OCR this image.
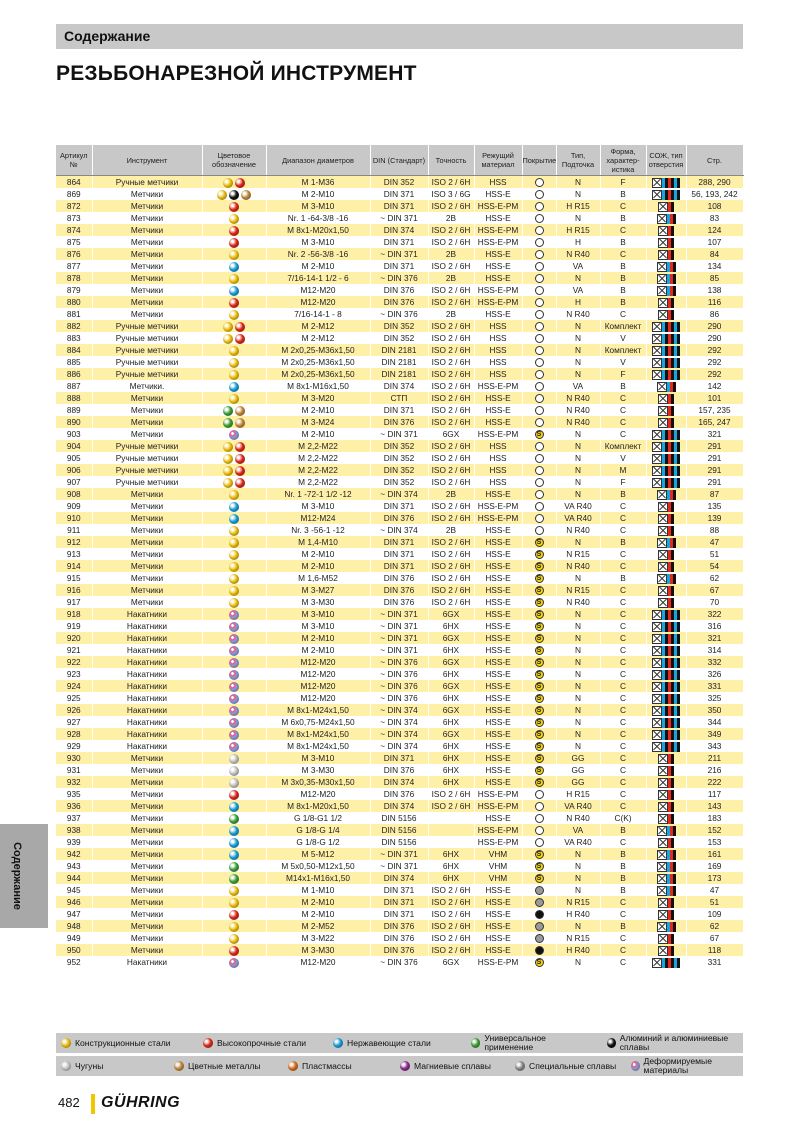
Содержание
РЕЗЬБОНАРЕЗНОЙ ИНСТРУМЕНТ
Содержание
Артикул №	Инструмент	Цветовое обозначение	Диапазон диаметров	DIN (Стандарт)	Точность	Режущий материал	Покрытие	Тип, Подточка	Форма, характер-истика	СОЖ, тип отверстия	Стр.
864	Ручные метчики		M 1-M36	DIN 352	ISO 2 / 6H	HSS		N	F		288, 290
869	Метчики		M 2-M10	DIN 371	ISO 3 / 6G	HSS-E		N	B		56, 193, 242
872	Метчики		M 3-M10	DIN 371	ISO 2 / 6H	HSS-E-PM		H R15	C		108
873	Метчики		Nr. 1 -64-3/8 -16	~ DIN 371	2B	HSS-E		N	B		83
874	Метчики		M 8x1-M20x1,50	DIN 374	ISO 2 / 6H	HSS-E-PM		H R15	C		124
875	Метчики		M 3-M10	DIN 371	ISO 2 / 6H	HSS-E-PM		H	B		107
876	Метчики		Nr. 2 -56-3/8 -16	~ DIN 371	2B	HSS-E		N R40	C		84
877	Метчики		M 2-M10	DIN 371	ISO 2 / 6H	HSS-E		VA	B		134
878	Метчики		7/16-14-1 1/2 - 6	~ DIN 376	2B	HSS-E		N	B		85
879	Метчики		M12-M20	DIN 376	ISO 2 / 6H	HSS-E-PM		VA	B		138
880	Метчики		M12-M20	DIN 376	ISO 2 / 6H	HSS-E-PM		H	B		116
881	Метчики		7/16-14-1 - 8	~ DIN 376	2B	HSS-E		N R40	C		86
882	Ручные метчики		M 2-M12	DIN 352	ISO 2 / 6H	HSS		N	Комплект		290
883	Ручные метчики		M 2-M12	DIN 352	ISO 2 / 6H	HSS		N	V		290
884	Ручные метчики		M 2x0,25-M36x1,50	DIN 2181	ISO 2 / 6H	HSS		N	Комплект		292
885	Ручные метчики		M 2x0,25-M36x1,50	DIN 2181	ISO 2 / 6H	HSS		N	V		292
886	Ручные метчики		M 2x0,25-M36x1,50	DIN 2181	ISO 2 / 6H	HSS		N	F		292
887	Метчики.		M 8x1-M16x1,50	DIN 374	ISO 2 / 6H	HSS-E-PM		VA	B		142
888	Метчики		M 3-M20	СТП	ISO 2 / 6H	HSS-E		N R40	C		101
889	Метчики		M 2-M10	DIN 371	ISO 2 / 6H	HSS-E		N R40	C		157, 235
890	Метчики		M 3-M24	DIN 376	ISO 2 / 6H	HSS-E		N R40	C		165, 247
903	Метчики		M 2-M10	~ DIN 371	6GX	HSS-E-PM	S	N	C		321
904	Ручные метчики		M 2,2-M22	DIN 352	ISO 2 / 6H	HSS		N	Комплект		291
905	Ручные метчики		M 2,2-M22	DIN 352	ISO 2 / 6H	HSS		N	V		291
906	Ручные метчики		M 2,2-M22	DIN 352	ISO 2 / 6H	HSS		N	M		291
907	Ручные метчики		M 2,2-M22	DIN 352	ISO 2 / 6H	HSS		N	F		291
908	Метчики		Nr. 1 -72-1 1/2 -12	~ DIN 374	2B	HSS-E		N	B		87
909	Метчики		M 3-M10	DIN 371	ISO 2 / 6H	HSS-E-PM		VA R40	C		135
910	Метчики		M12-M24	DIN 376	ISO 2 / 6H	HSS-E-PM		VA R40	C		139
911	Метчики		Nr. 3 -56-1 -12	~ DIN 374	2B	HSS-E		N R40	C		88
912	Метчики		M 1,4-M10	DIN 371	ISO 2 / 6H	HSS-E	S	N	B		47
913	Метчики		M 2-M10	DIN 371	ISO 2 / 6H	HSS-E	S	N R15	C		51
914	Метчики		M 2-M10	DIN 371	ISO 2 / 6H	HSS-E	S	N R40	C		54
915	Метчики		M 1,6-M52	DIN 376	ISO 2 / 6H	HSS-E	S	N	B		62
916	Метчики		M 3-M27	DIN 376	ISO 2 / 6H	HSS-E	S	N R15	C		67
917	Метчики		M 3-M30	DIN 376	ISO 2 / 6H	HSS-E	S	N R40	C		70
918	Накатники		M 3-M10	~ DIN 371	6GX	HSS-E	S	N	C		322
919	Накатники		M 3-M10	~ DIN 371	6HX	HSS-E	S	N	C		316
920	Накатники		M 2-M10	~ DIN 371	6GX	HSS-E	S	N	C		321
921	Накатники		M 2-M10	~ DIN 371	6HX	HSS-E	S	N	C		314
922	Накатники		M12-M20	~ DIN 376	6GX	HSS-E	S	N	C		332
923	Накатники		M12-M20	~ DIN 376	6HX	HSS-E	S	N	C		326
924	Накатники		M12-M20	~ DIN 376	6GX	HSS-E	S	N	C		331
925	Накатники		M12-M20	~ DIN 376	6HX	HSS-E	S	N	C		325
926	Накатники		M 8x1-M24x1,50	~ DIN 374	6GX	HSS-E	S	N	C		350
927	Накатники		M 6x0,75-M24x1,50	~ DIN 374	6HX	HSS-E	S	N	C		344
928	Накатники		M 8x1-M24x1,50	~ DIN 374	6GX	HSS-E	S	N	C		349
929	Накатники		M 8x1-M24x1,50	~ DIN 374	6HX	HSS-E	S	N	C		343
930	Метчики		M 3-M10	DIN 371	6HX	HSS-E	S	GG	C		211
931	Метчики		M 3-M30	DIN 376	6HX	HSS-E	S	GG	C		216
932	Метчики		M 3x0,35-M30x1,50	DIN 374	6HX	HSS-E	S	GG	C		222
935	Метчики		M12-M20	DIN 376	ISO 2 / 6H	HSS-E-PM		H R15	C		117
936	Метчики		M 8x1-M20x1,50	DIN 374	ISO 2 / 6H	HSS-E-PM		VA R40	C		143
937	Метчики		G 1/8-G1 1/2	DIN 5156		HSS-E		N R40	C(K)		183
938	Метчики		G 1/8-G 1/4	DIN 5156		HSS-E-PM		VA	B		152
939	Метчики		G 1/8-G 1/2	DIN 5156		HSS-E-PM		VA R40	C		153
942	Метчики		M 5-M12	~ DIN 371	6HX	VHM	S	N	B		161
943	Метчики		M 5x0,50-M12x1,50	~ DIN 371	6HX	VHM	S	N	B		169
944	Метчики		M14x1-M16x1,50	DIN 374	6HX	VHM	S	N	B		173
945	Метчики		M 1-M10	DIN 371	ISO 2 / 6H	HSS-E		N	B		47
946	Метчики		M 2-M10	DIN 371	ISO 2 / 6H	HSS-E		N R15	C		51
947	Метчики		M 2-M10	DIN 371	ISO 2 / 6H	HSS-E		H R40	C		109
948	Метчики		M 2-M52	DIN 376	ISO 2 / 6H	HSS-E		N	B		62
949	Метчики		M 3-M22	DIN 376	ISO 2 / 6H	HSS-E		N R15	C		67
950	Метчики		M 3-M30	DIN 376	ISO 2 / 6H	HSS-E		H R40	C		118
952	Накатники		M12-M20	~ DIN 376	6GX	HSS-E-PM	S	N	C		331
Конструкционные стали	Высокопрочные стали	Нержавеющие стали	Универсальное применение
Алюминий и алюминиевые сплавы
Чугуны	Цветные металлы	Пластмассы	Магниевые сплавы	Специальные сплавы	Деформируемые материалы
482 GÜHRING
